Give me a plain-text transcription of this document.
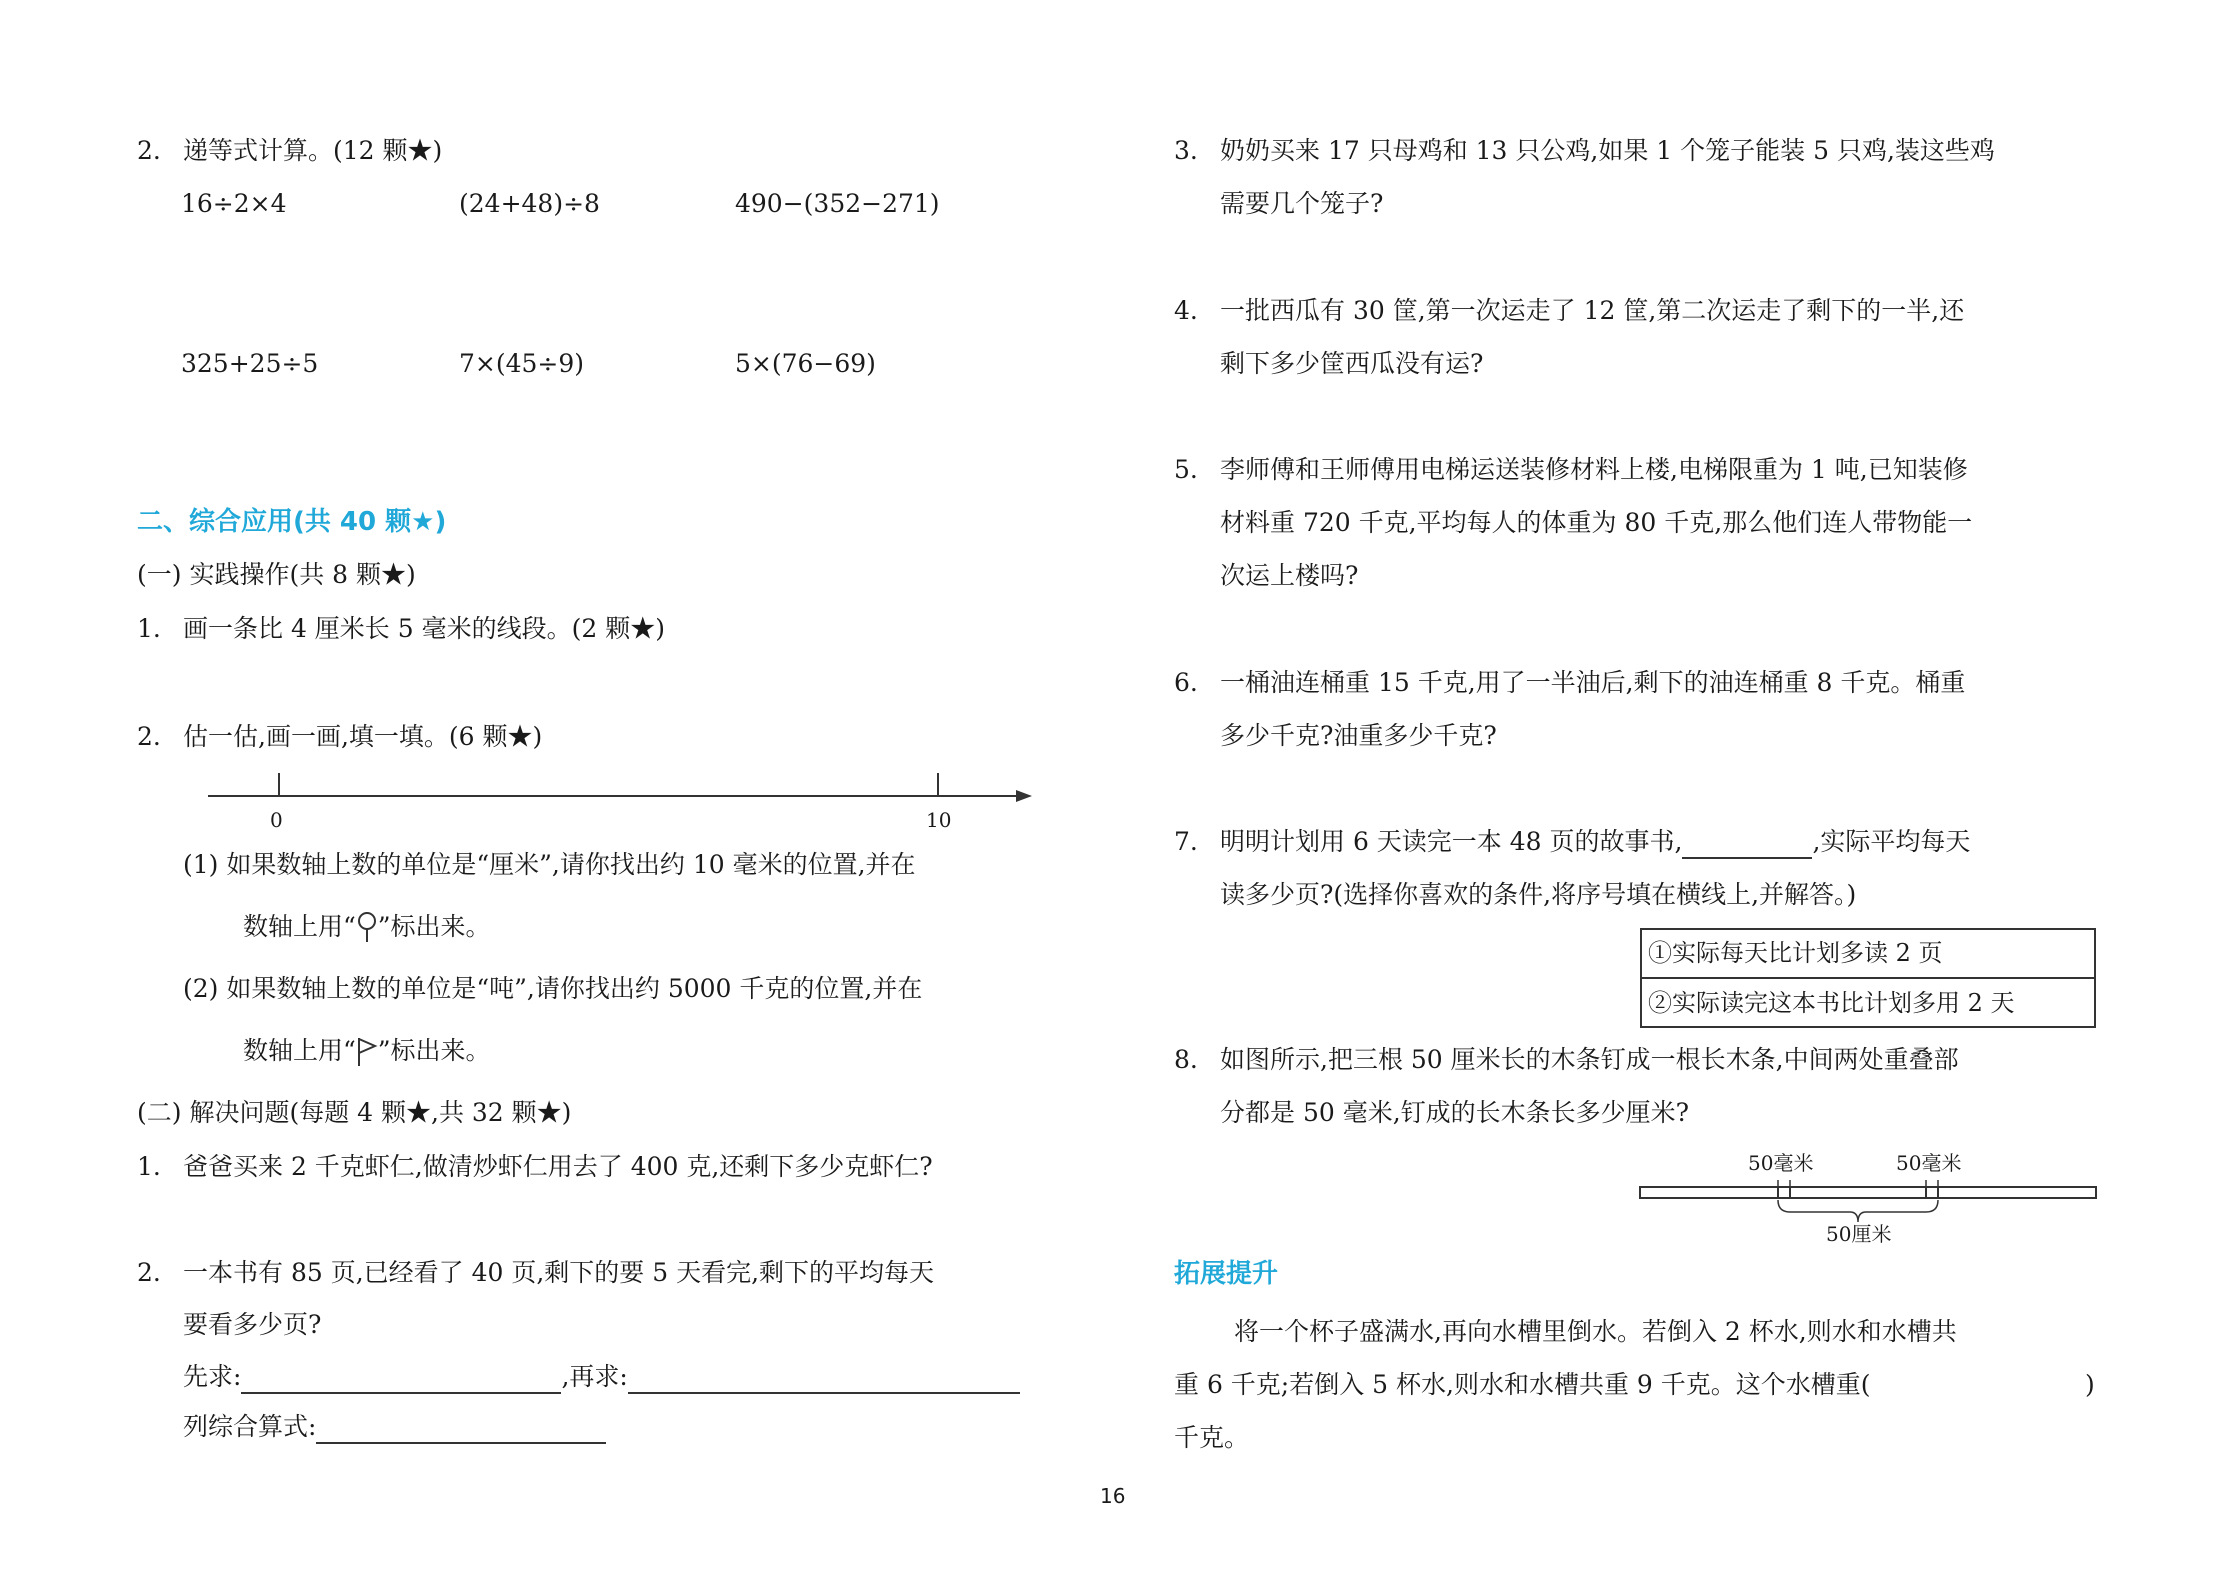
2. 递等式计算。(12 颗★)
16÷2×4	(24+48)÷8	490−(352−271)
325+25÷5	7×(45÷9)	5×(76−69)
二、综合应用(共 40 颗★)
(一) 实践操作(共 8 颗★)
1. 画一条比 4 厘米长 5 毫米的线段。(2 颗★)
2. 估一估,画一画,填一填。(6 颗★)
0	10
(1) 如果数轴上数的单位是“厘米”,请你找出约 10 毫米的位置,并在
数轴上用“ ”标出来。
(2) 如果数轴上数的单位是“吨”,请你找出约 5000 千克的位置,并在
数轴上用“ ”标出来。
(二) 解决问题(每题 4 颗★,共 32 颗★)
1. 爸爸买来 2 千克虾仁,做清炒虾仁用去了 400 克,还剩下多少克虾仁?
2. 一本书有 85 页,已经看了 40 页,剩下的要 5 天看完,剩下的平均每天
要看多少页?
先求:	,再求:
列综合算式:
3. 奶奶买来 17 只母鸡和 13 只公鸡,如果 1 个笼子能装 5 只鸡,装这些鸡
需要几个笼子?
4. 一批西瓜有 30 筐,第一次运走了 12 筐,第二次运走了剩下的一半,还
剩下多少筐西瓜没有运?
5. 李师傅和王师傅用电梯运送装修材料上楼,电梯限重为 1 吨,已知装修
材料重 720 千克,平均每人的体重为 80 千克,那么他们连人带物能一
次运上楼吗?
6. 一桶油连桶重 15 千克,用了一半油后,剩下的油连桶重 8 千克。桶重
多少千克?油重多少千克?
7. 明明计划用 6 天读完一本 48 页的故事书,	,实际平均每天
读多少页?(选择你喜欢的条件,将序号填在横线上,并解答。)
①实际每天比计划多读 2 页
②实际读完这本书比计划多用 2 天
8. 如图所示,把三根 50 厘米长的木条钉成一根长木条,中间两处重叠部
分都是 50 毫米,钉成的长木条长多少厘米?
50毫米	50毫米
50厘米
拓展提升
将一个杯子盛满水,再向水槽里倒水。若倒入 2 杯水,则水和水槽共
重 6 千克;若倒入 5 杯水,则水和水槽共重 9 千克。这个水槽重(	)
千克。
16
